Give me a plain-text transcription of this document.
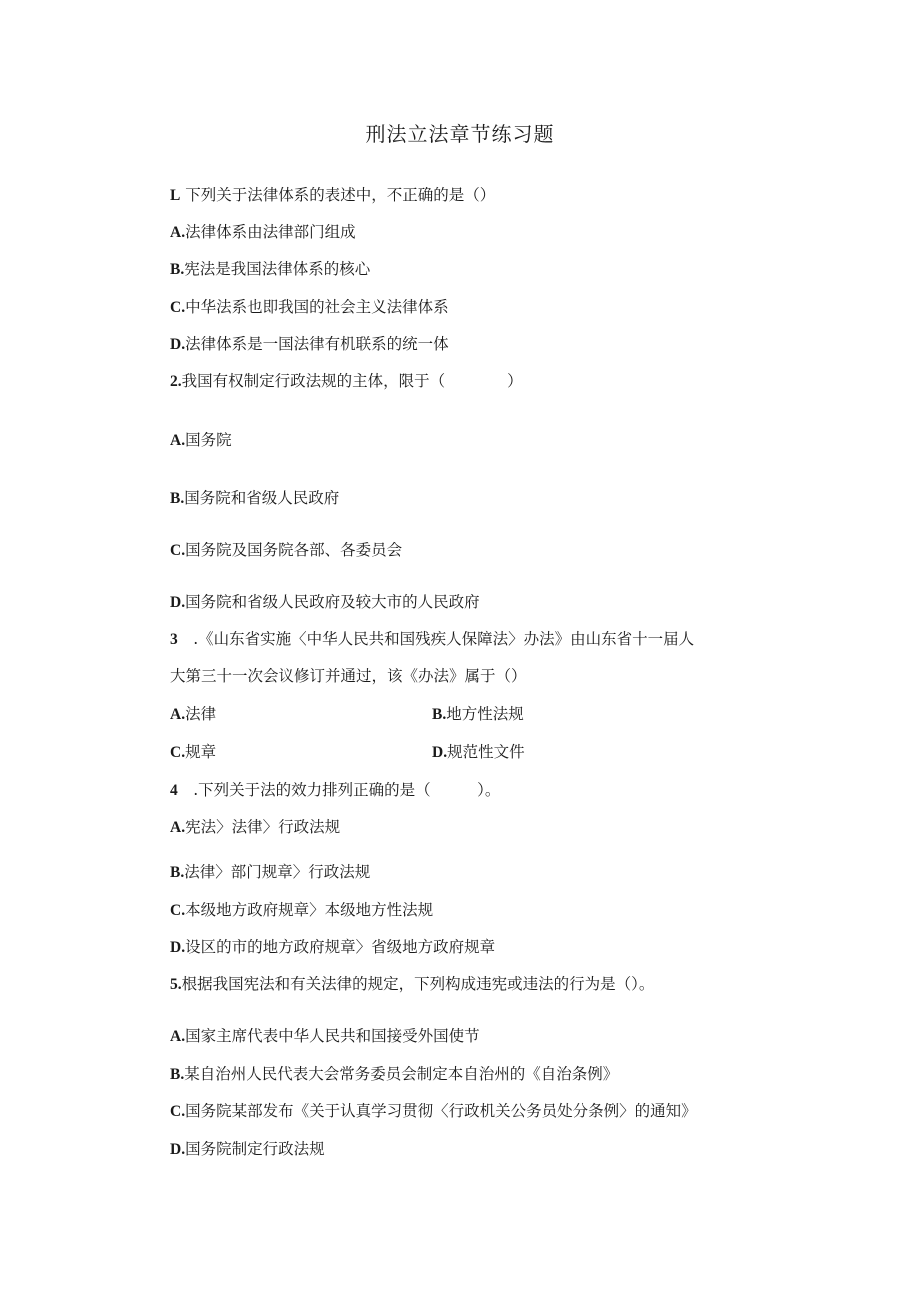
刑法立法章节练习题
L 下列关于法律体系的表述中，不正确的是（）
A.法律体系由法律部门组成
B.宪法是我国法律体系的核心
C.中华法系也即我国的社会主义法律体系
D.法律体系是一国法律有机联系的统一体
2.我国有权制定行政法规的主体，限于（　　　　）
A.国务院
B.国务院和省级人民政府
C.国务院及国务院各部、各委员会
D.国务院和省级人民政府及较大市的人民政府
3　.《山东省实施〈中华人民共和国残疾人保障法〉办法》由山东省十一届人
大第三十一次会议修订并通过，该《办法》属于（）
A.法律	B.地方性法规
C.规章	D.规范性文件
4　.下列关于法的效力排列正确的是（　　　）。
A.宪法〉法律〉行政法规
B.法律〉部门规章〉行政法规
C.本级地方政府规章〉本级地方性法规
D.设区的市的地方政府规章〉省级地方政府规章
5.根据我国宪法和有关法律的规定，下列构成违宪或违法的行为是（）。
A.国家主席代表中华人民共和国接受外国使节
B.某自治州人民代表大会常务委员会制定本自治州的《自治条例》
C.国务院某部发布《关于认真学习贯彻〈行政机关公务员处分条例〉的通知》
D.国务院制定行政法规
